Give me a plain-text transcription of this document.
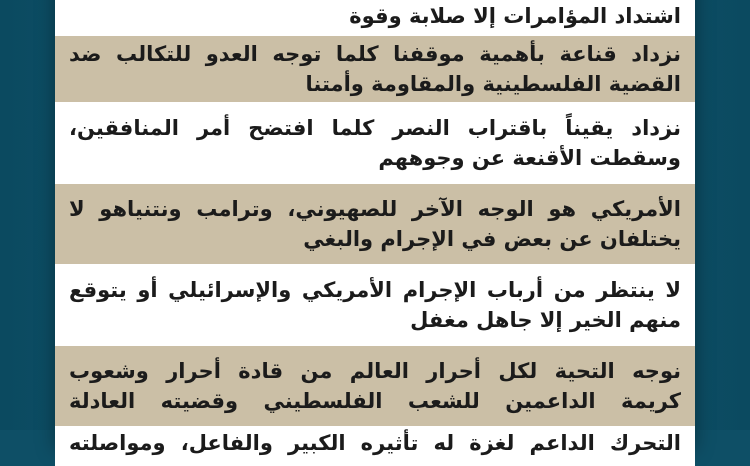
اشتداد المؤامرات إلا صلابة وقوة
نزداد قناعة بأهمية موقفنا كلما توجه العدو للتكالب ضد
القضية الفلسطينية والمقاومة وأمتنا
نزداد يقيناً باقتراب النصر كلما افتضح أمر المنافقين،
وسقطت الأقنعة عن وجوههم
الأمريكي هو الوجه الآخر للصهيوني، وترامب ونتنياهو لا
يختلفان عن بعض في الإجرام والبغي
لا ينتظر من أرباب الإجرام الأمريكي والإسرائيلي أو يتوقع
منهم الخير إلا جاهل مغفل
نوجه التحية لكل أحرار العالم من قادة أحرار وشعوب
كريمة الداعمين للشعب الفلسطيني وقضيته العادلة
التحرك الداعم لغزة له تأثيره الكبير والفاعل، ومواصلته
